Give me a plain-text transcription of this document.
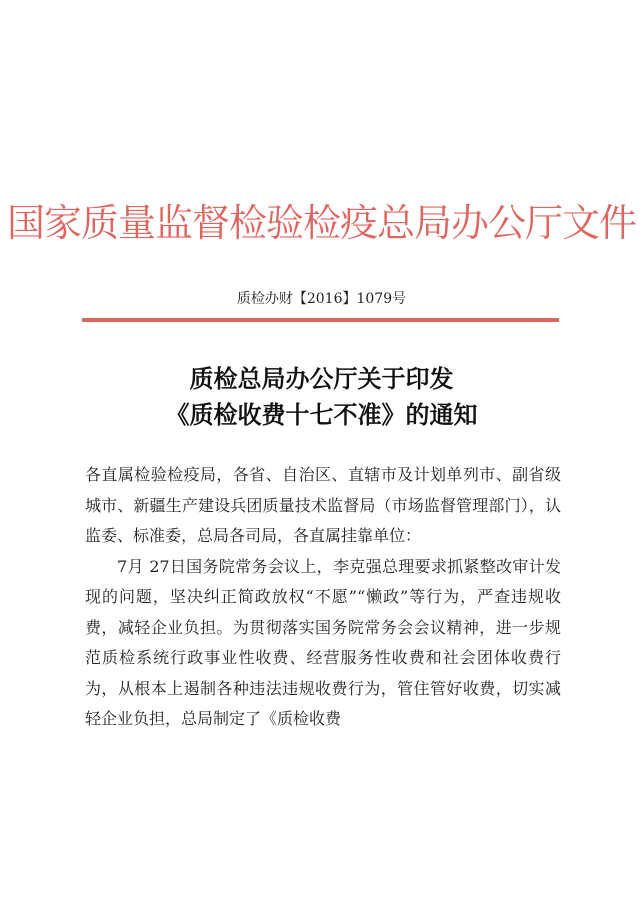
国家质量监督检验检疫总局办公厅文件
质检办财【2016】1079号
质检总局办公厅关于印发
《质检收费十七不准》的通知

各直属检验检疫局，各省、自治区、直辖市及计划单列市、副省级城市、新疆生产建设兵团质量技术监督局（市场监督管理部门），认监委、标准委，总局各司局，各直属挂靠单位：

7月 27日国务院常务会议上，李克强总理要求抓紧整改审计发现的问题，坚决纠正简政放权“不愿”“懒政”等行为，严查违规收费，减轻企业负担。为贯彻落实国务院常务会会议精神，进一步规范质检系统行政事业性收费、经营服务性收费和社会团体收费行为，从根本上遏制各种违法违规收费行为，管住管好收费，切实减轻企业负担，总局制定了《质检收费
